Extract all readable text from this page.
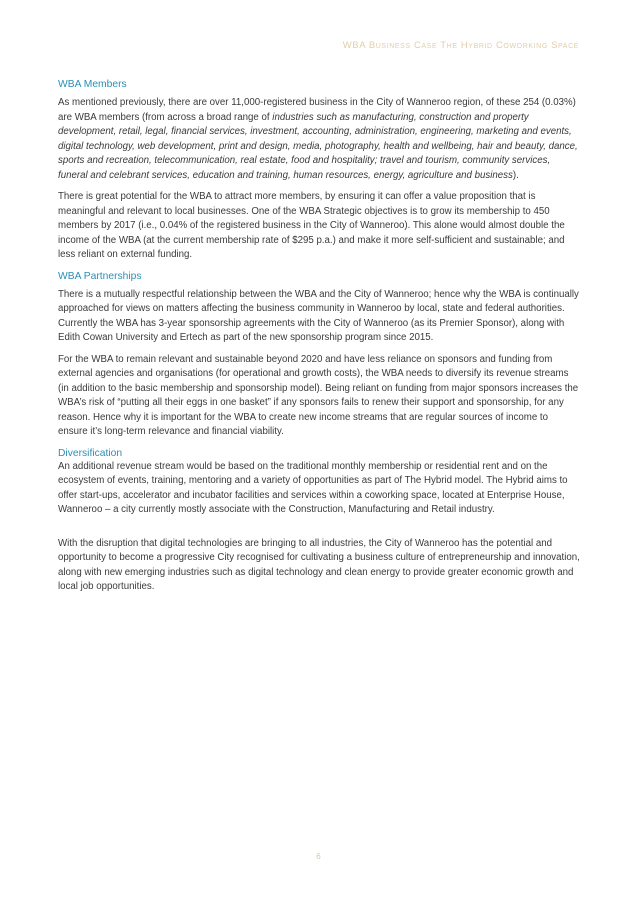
WBA Business Case The Hybrid Coworking Space
WBA Members

As mentioned previously, there are over 11,000-registered business in the City of Wanneroo region, of these 254 (0.03%) are WBA members (from across a broad range of industries such as manufacturing, construction and property development, retail, legal, financial services, investment, accounting, administration, engineering, marketing and events, digital technology, web development, print and design, media, photography, health and wellbeing, hair and beauty, dance, sports and recreation, telecommunication, real estate, food and hospitality; travel and tourism, community services, funeral and celebrant services, education and training, human resources, energy, agriculture and business).

There is great potential for the WBA to attract more members, by ensuring it can offer a value proposition that is meaningful and relevant to local businesses. One of the WBA Strategic objectives is to grow its membership to 450 members by 2017 (i.e., 0.04% of the registered business in the City of Wanneroo). This alone would almost double the income of the WBA (at the current membership rate of $295 p.a.) and make it more self-sufficient and sustainable; and less reliant on external funding.

WBA Partnerships

There is a mutually respectful relationship between the WBA and the City of Wanneroo; hence why the WBA is continually approached for views on matters affecting the business community in Wanneroo by local, state and federal authorities. Currently the WBA has 3-year sponsorship agreements with the City of Wanneroo (as its Premier Sponsor), along with Edith Cowan University and Ertech as part of the new sponsorship program since 2015.

For the WBA to remain relevant and sustainable beyond 2020 and have less reliance on sponsors and funding from external agencies and organisations (for operational and growth costs), the WBA needs to diversify its revenue streams (in addition to the basic membership and sponsorship model). Being reliant on funding from major sponsors increases the WBA’s risk of “putting all their eggs in one basket” if any sponsors fails to renew their support and sponsorship, for any reason. Hence why it is important for the WBA to create new income streams that are regular sources of income to ensure it’s long-term relevance and financial viability.

Diversification

An additional revenue stream would be based on the traditional monthly membership or residential rent and on the ecosystem of events, training, mentoring and a variety of opportunities as part of The Hybrid model. The Hybrid aims to offer start-ups, accelerator and incubator facilities and services within a coworking space, located at Enterprise House, Wanneroo – a city currently mostly associate with the Construction, Manufacturing and Retail industry.

With the disruption that digital technologies are bringing to all industries, the City of Wanneroo has the potential and opportunity to become a progressive City recognised for cultivating a business culture of entrepreneurship and innovation, along with new emerging industries such as digital technology and clean energy to provide greater economic growth and local job opportunities.

6
